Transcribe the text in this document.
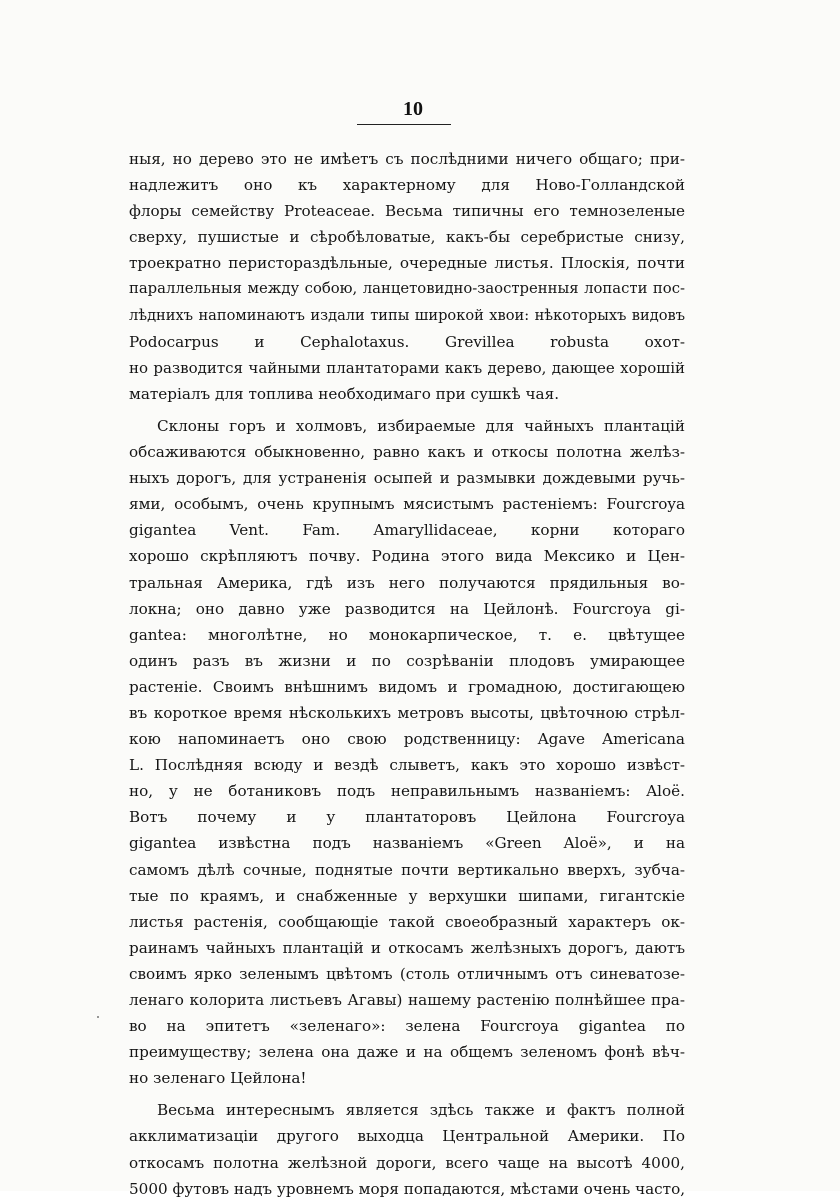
10

ныя, но дерево это не имѣетъ съ послѣдними ничего общаго; при-
надлежитъ оно къ характерному для Ново-Голландской
флоры семейству Proteaceae. Весьма типичны его темнозеленые
сверху, пушистые и сѣробѣловатые, какъ-бы серебристые снизу,
троекратно перистораздѣльные, очередные листья. Плоскія, почти
параллельныя между собою, ланцетовидно-заостренныя лопасти пос-
лѣднихъ напоминаютъ издали типы широкой хвои: нѣкоторыхъ видовъ
Podocarpus и Cephalotaxus. Grevillea robusta охот-
но разводится чайными плантаторами какъ дерево, дающее хорошій
матеріалъ для топлива необходимаго при сушкѣ чая.

Склоны горъ и холмовъ, избираемые для чайныхъ плантацій
обсаживаются обыкновенно, равно какъ и откосы полотна желѣз-
ныхъ дорогъ, для устраненія осыпей и размывки дождевыми ручь-
ями, особымъ, очень крупнымъ мясистымъ растеніемъ: Fourcroya
gigantea Vent. Fam. Amaryllidaceae, корни котораго
хорошо скрѣпляютъ почву. Родина этого вида Мексико и Цен-
тральная Америка, гдѣ изъ него получаются прядильныя во-
локна; оно давно уже разводится на Цейлонѣ. Fourcroya gi-
gantea: многолѣтне, но монокарпическое, т. е. цвѣтущее
одинъ разъ въ жизни и по созрѣваніи плодовъ умирающее
растеніе. Своимъ внѣшнимъ видомъ и громадною, достигающею
въ короткое время нѣсколькихъ метровъ высоты, цвѣточною стрѣл-
кою напоминаетъ оно свою родственницу: Agave Americana
L. Послѣдняя всюду и вездѣ слыветъ, какъ это хорошо извѣст-
но, у не ботаниковъ подъ неправильнымъ названіемъ: Aloë.
Вотъ почему и у плантаторовъ Цейлона Fourcroya
gigantea извѣстна подъ названіемъ «Green Aloë», и на
самомъ дѣлѣ сочные, поднятые почти вертикально вверхъ, зубча-
тые по краямъ, и снабженные у верхушки шипами, гигантскіе
листья растенія, сообщающіе такой своеобразный характеръ ок-
раинамъ чайныхъ плантацій и откосамъ желѣзныхъ дорогъ, даютъ
своимъ ярко зеленымъ цвѣтомъ (столь отличнымъ отъ синеватозе-
ленаго колорита листьевъ Агавы) нашему растенію полнѣйшее пра-
во на эпитетъ «зеленаго»: зелена Fourcroya gigantea по
преимуществу; зелена она даже и на общемъ зеленомъ фонѣ вѣч-
но зеленаго Цейлона!

Весьма интереснымъ является здѣсь также и фактъ полной
акклиматизаціи другого выходца Центральной Америки. По
откосамъ полотна желѣзной дороги, всего чаще на высотѣ 4000,
5000 футовъ надъ уровнемъ моря попадаются, мѣстами очень часто,
